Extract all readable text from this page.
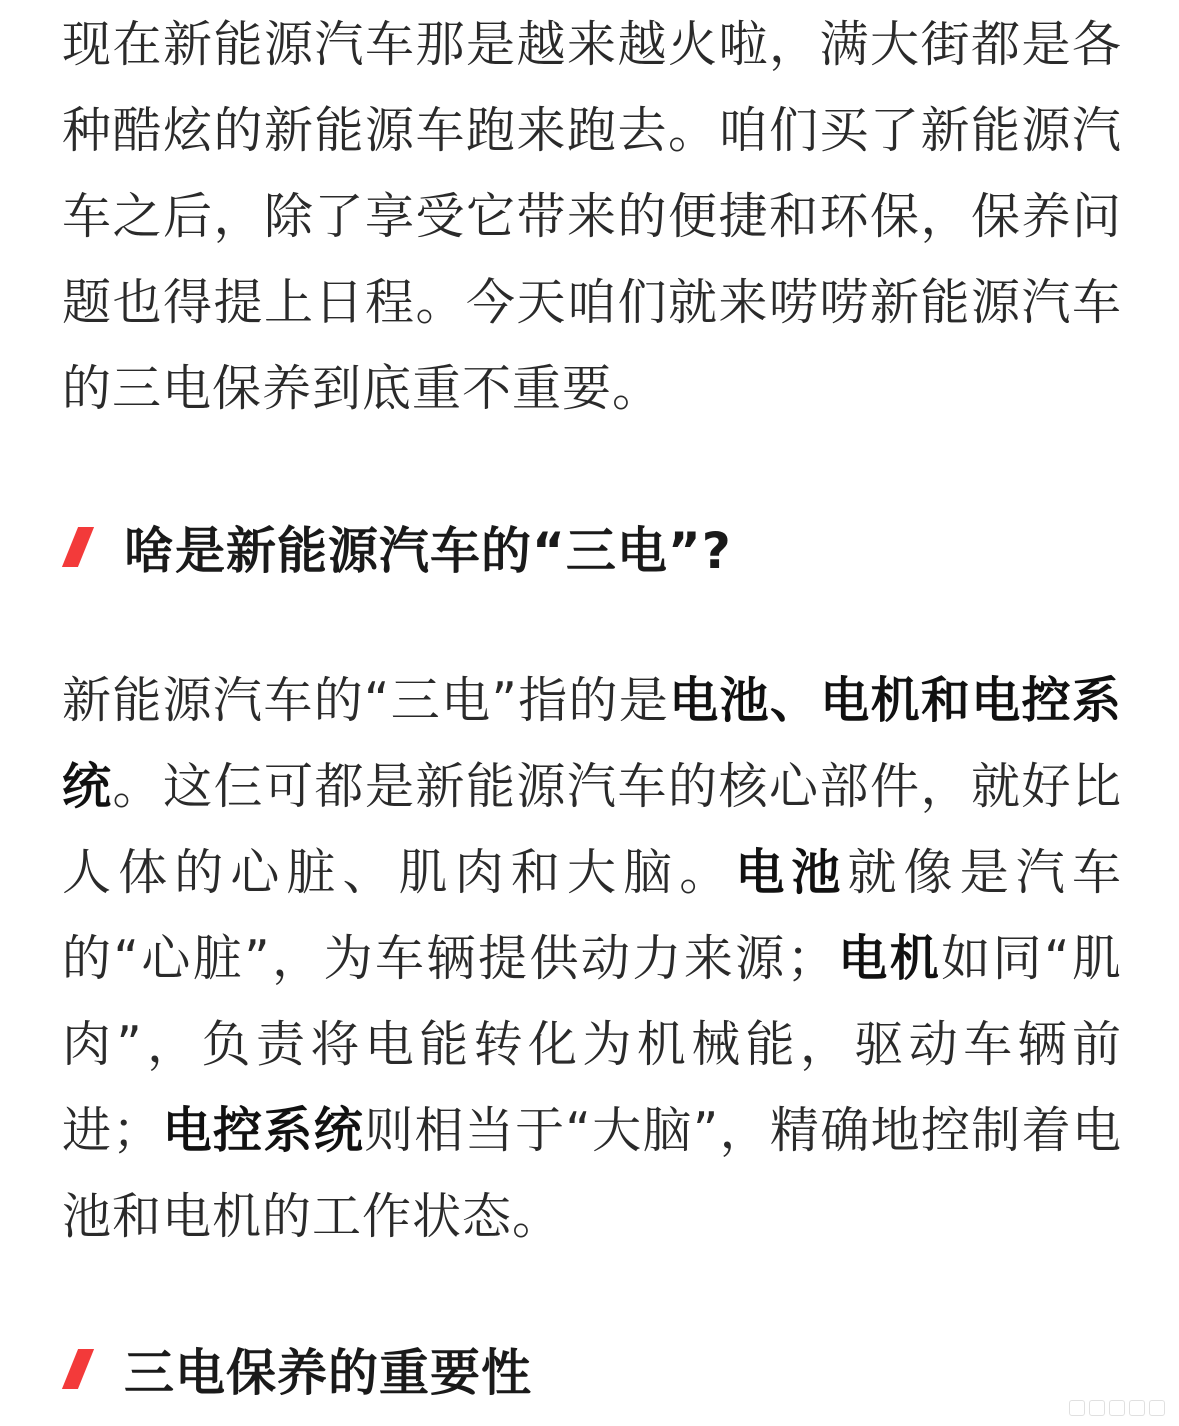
现在新能源汽车那是越来越火啦，满大街都是各种酷炫的新能源车跑来跑去。咱们买了新能源汽车之后，除了享受它带来的便捷和环保，保养问题也得提上日程。今天咱们就来唠唠新能源汽车的三电保养到底重不重要。

啥是新能源汽车的“三电”?

新能源汽车的“三电”指的是电池、电机和电控系统。这仨可都是新能源汽车的核心部件，就好比人体的心脏、肌肉和大脑。电池就像是汽车的“心脏”，为车辆提供动力来源；电机如同“肌肉”，负责将电能转化为机械能，驱动车辆前进；电控系统则相当于“大脑”，精确地控制着电池和电机的工作状态。

三电保养的重要性
